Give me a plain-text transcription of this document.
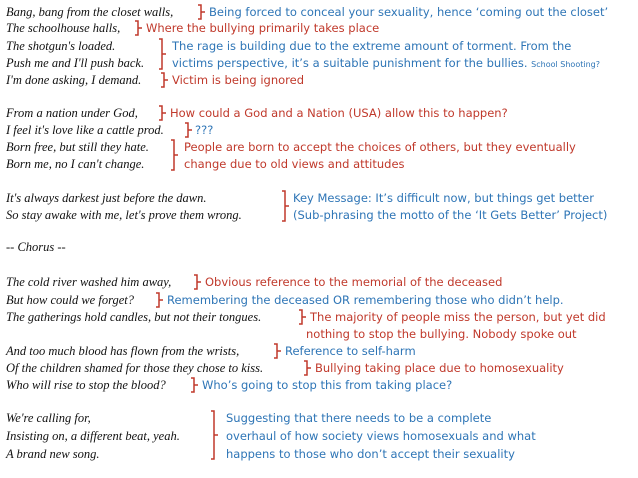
Bang, bang from the closet walls,
The schoolhouse halls,
The shotgun's loaded.
Push me and I'll push back.
I'm done asking, I demand.
From a nation under God,
I feel it's love like a cattle prod.
Born free, but still they hate.
Born me, no I can't change.
It's always darkest just before the dawn.
So stay awake with me, let's prove them wrong.
-- Chorus --
The cold river washed him away,
But how could we forget?
The gatherings hold candles, but not their tongues.
And too much blood has flown from the wrists,
Of the children shamed for those they chose to kiss.
Who will rise to stop the blood?
We're calling for,
Insisting on, a different beat, yeah.
A brand new song.
Being forced to conceal your sexuality, hence ‘coming out the closet’
Where the bullying primarily takes place
The rage is building due to the extreme amount of torment. From the
victims perspective, it’s a suitable punishment for the bullies. School Shooting?
Victim is being ignored
How could a God and a Nation (USA) allow this to happen?
???
People are born to accept the choices of others, but they eventually
change due to old views and attitudes
Key Message: It’s difficult now, but things get better
(Sub-phrasing the motto of the ‘It Gets Better’ Project)
Obvious reference to the memorial of the deceased
Remembering the deceased OR remembering those who didn’t help.
The majority of people miss the person, but yet did
nothing to stop the bullying. Nobody spoke out
Reference to self-harm
Bullying taking place due to homosexuality
Who’s going to stop this from taking place?
Suggesting that there needs to be a complete
overhaul of how society views homosexuals and what
happens to those who don’t accept their sexuality
